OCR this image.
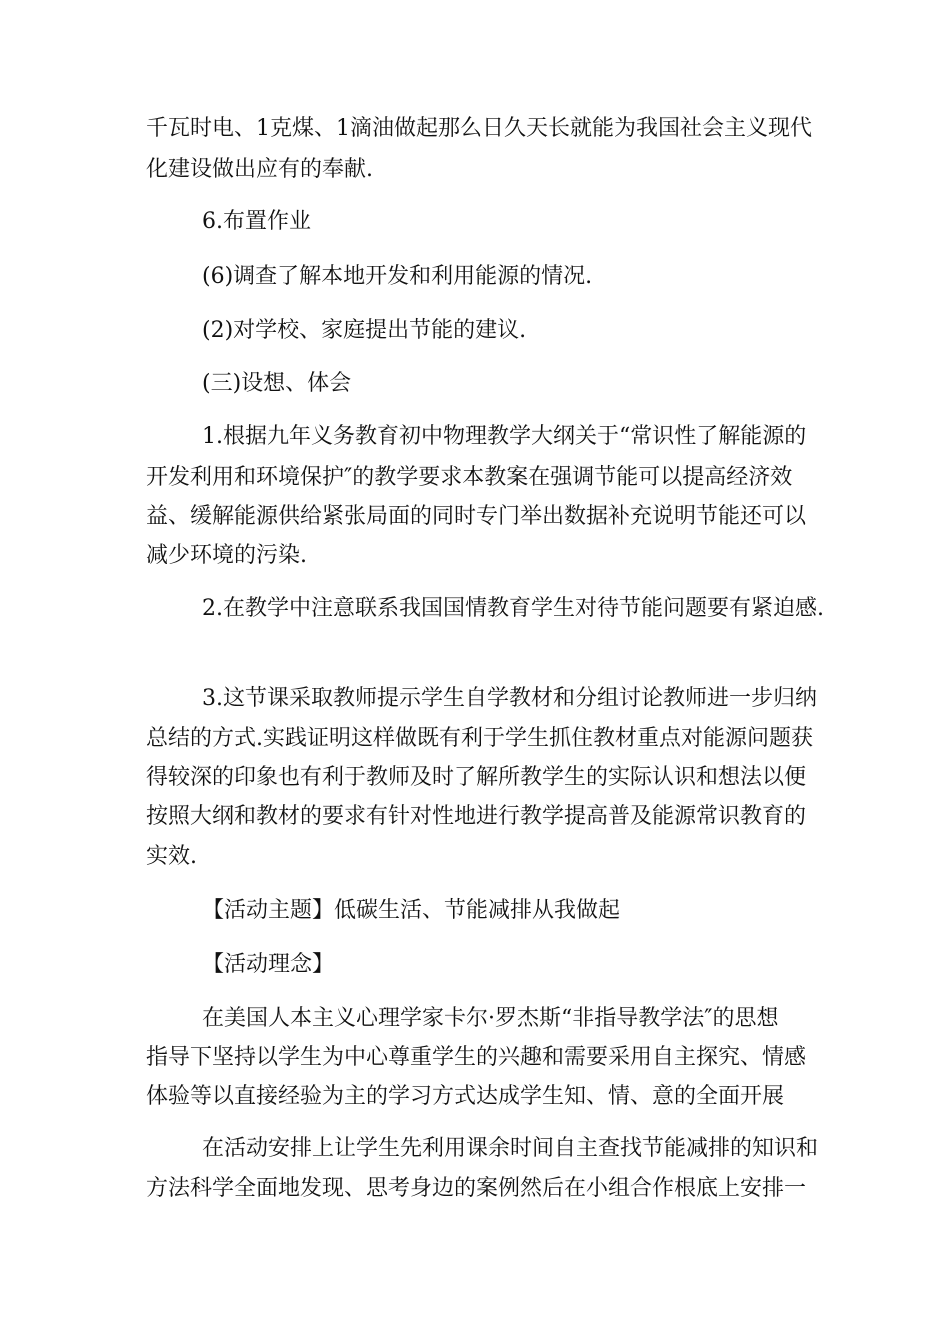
千瓦时电、1克煤、1滴油做起那么日久天长就能为我国社会主义现代
化建设做出应有的奉献.
6.布置作业
(6)调查了解本地开发和利用能源的情况.
(2)对学校、家庭提出节能的建议.
(三)设想、体会
1.根据九年义务教育初中物理教学大纲关于“常识性了解能源的
开发利用和环境保护″的教学要求本教案在强调节能可以提高经济效
益、缓解能源供给紧张局面的同时专门举出数据补充说明节能还可以
减少环境的污染.
2.在教学中注意联系我国国情教育学生对待节能问题要有紧迫感.
3.这节课采取教师提示学生自学教材和分组讨论教师进一步归纳
总结的方式.实践证明这样做既有利于学生抓住教材重点对能源问题获
得较深的印象也有利于教师及时了解所教学生的实际认识和想法以便
按照大纲和教材的要求有针对性地进行教学提高普及能源常识教育的
实效.
【活动主题】低碳生活、节能减排从我做起
【活动理念】
在美国人本主义心理学家卡尔·罗杰斯“非指导教学法″的思想
指导下坚持以学生为中心尊重学生的兴趣和需要采用自主探究、情感
体验等以直接经验为主的学习方式达成学生知、情、意的全面开展
在活动安排上让学生先利用课余时间自主查找节能减排的知识和
方法科学全面地发现、思考身边的案例然后在小组合作根底上安排一
